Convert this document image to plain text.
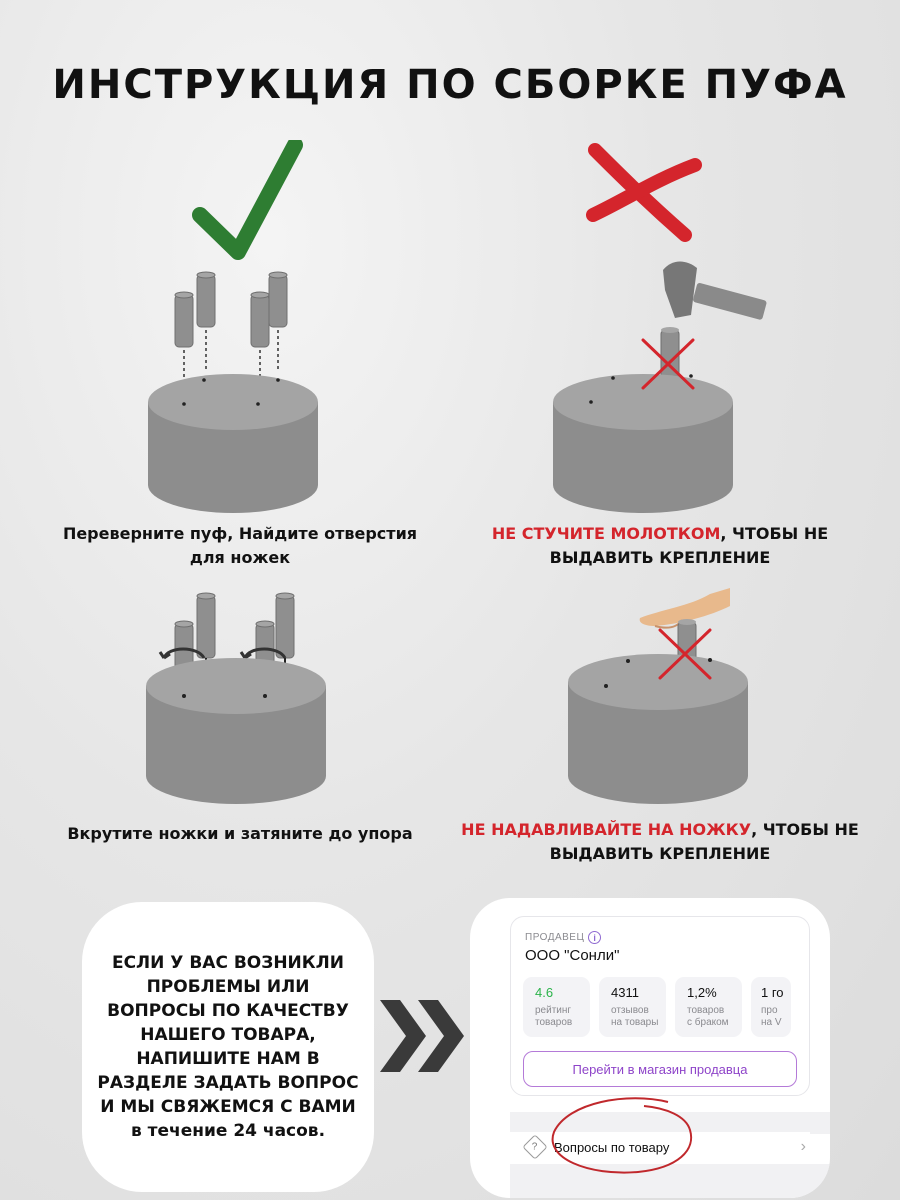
ИНСТРУКЦИЯ ПО СБОРКЕ ПУФА
Переверните пуф, Найдите отверстия для ножек
НЕ СТУЧИТЕ МОЛОТКОМ, ЧТОБЫ НЕ ВЫДАВИТЬ КРЕПЛЕНИЕ
Вкрутите ножки и затяните до упора	НЕ НАДАВЛИВАЙТЕ НА НОЖКУ, ЧТОБЫ НЕ ВЫДАВИТЬ КРЕПЛЕНИЕ
ЕСЛИ У ВАС ВОЗНИКЛИ ПРОБЛЕМЫ ИЛИ ВОПРОСЫ ПО КАЧЕСТВУ НАШЕГО ТОВАРА, НАПИШИТЕ НАМ В РАЗДЕЛЕ ЗАДАТЬ ВОПРОС И МЫ СВЯЖЕМСЯ С ВАМИ в течение 24 часов.
ПРОДАВЕЦ i
ООО "Сонли"
4.6
рейтинг
товаров
4311
отзывов
на товары
1,2%
товаров
с браком
1 го
про
на V
Перейти в магазин продавца
? Вопросы по товару	›
